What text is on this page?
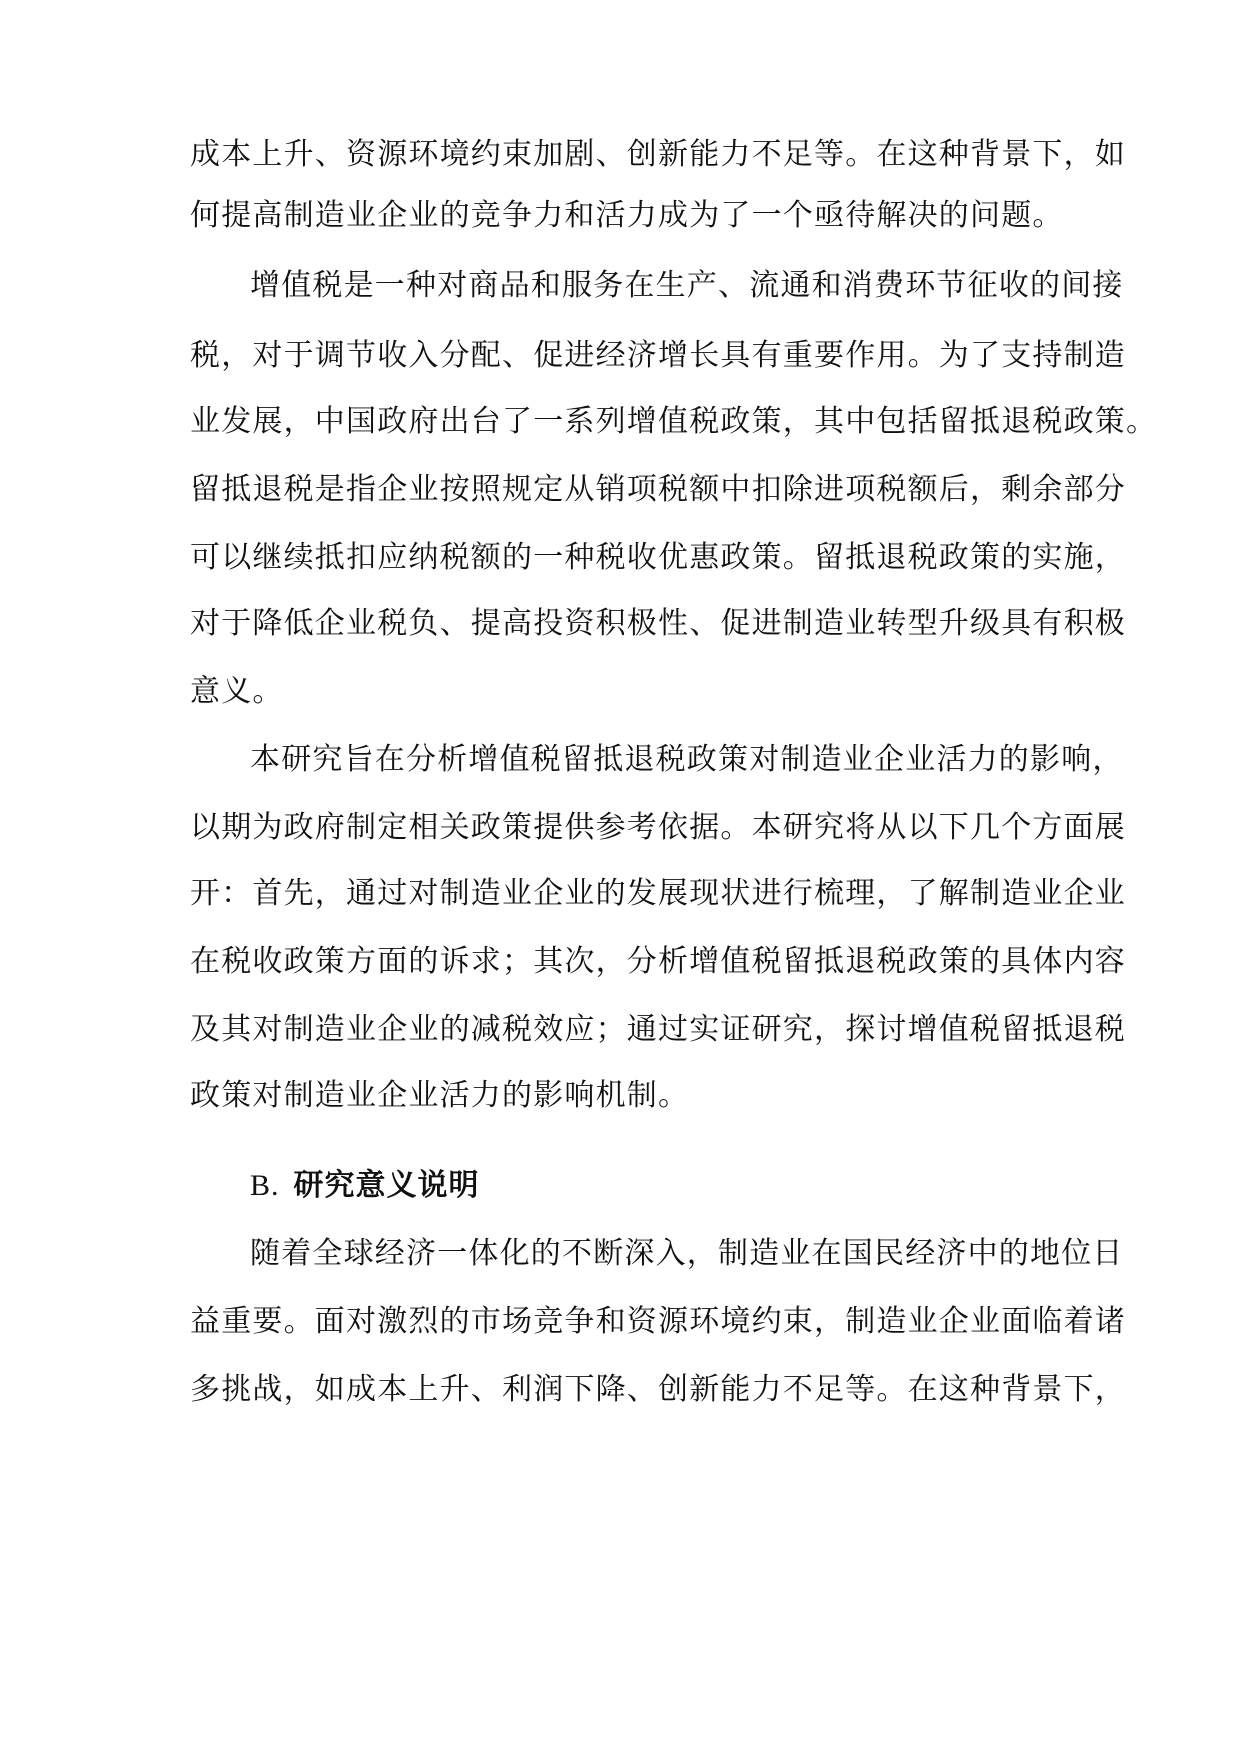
成本上升、资源环境约束加剧、创新能力不足等。在这种背景下，如
何提高制造业企业的竞争力和活力成为了一个亟待解决的问题。
增值税是一种对商品和服务在生产、流通和消费环节征收的间接
税，对于调节收入分配、促进经济增长具有重要作用。为了支持制造
业发展，中国政府出台了一系列增值税政策，其中包括留抵退税政策。
留抵退税是指企业按照规定从销项税额中扣除进项税额后，剩余部分
可以继续抵扣应纳税额的一种税收优惠政策。留抵退税政策的实施，
对于降低企业税负、提高投资积极性、促进制造业转型升级具有积极
意义。
本研究旨在分析增值税留抵退税政策对制造业企业活力的影响，
以期为政府制定相关政策提供参考依据。本研究将从以下几个方面展
开：首先，通过对制造业企业的发展现状进行梳理，了解制造业企业
在税收政策方面的诉求；其次，分析增值税留抵退税政策的具体内容
及其对制造业企业的减税效应；通过实证研究，探讨增值税留抵退税
政策对制造业企业活力的影响机制。
B. 研究意义说明
随着全球经济一体化的不断深入，制造业在国民经济中的地位日
益重要。面对激烈的市场竞争和资源环境约束，制造业企业面临着诸
多挑战，如成本上升、利润下降、创新能力不足等。在这种背景下，
